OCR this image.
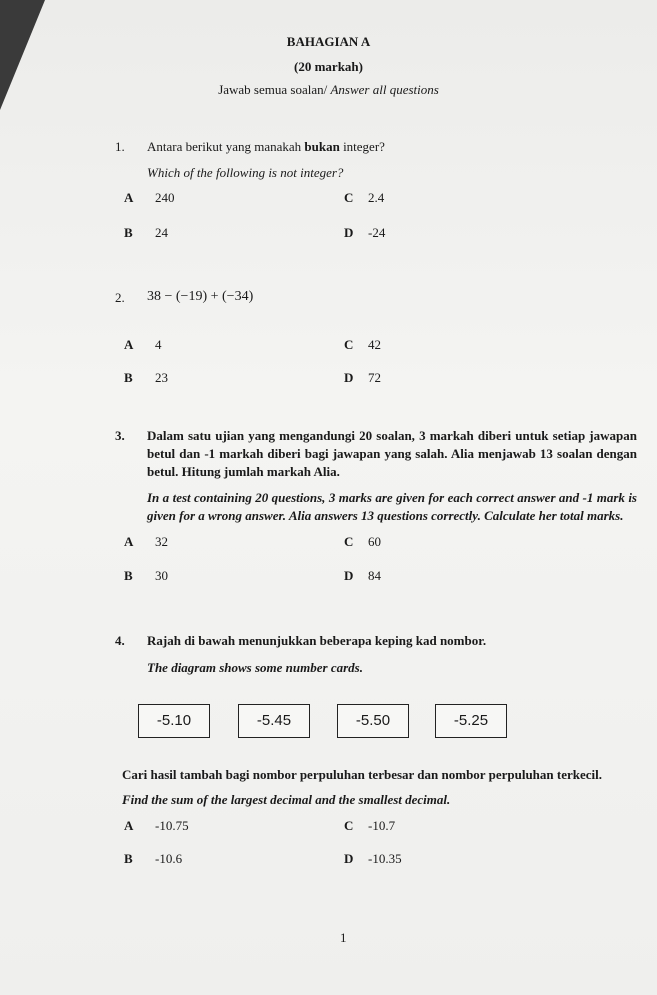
BAHAGIAN A
(20 markah)
Jawab semua soalan/ Answer all questions
1. Antara berikut yang manakah bukan integer?
Which of the following is not integer?
A 240	C 2.4
B 24	D -24
2. 38 − (−19) + (−34)
A 4	C 42
B 23	D 72
3. Dalam satu ujian yang mengandungi 20 soalan, 3 markah diberi untuk setiap jawapan betul dan -1 markah diberi bagi jawapan yang salah. Alia menjawab 13 soalan dengan betul. Hitung jumlah markah Alia.
In a test containing 20 questions, 3 marks are given for each correct answer and -1 mark is given for a wrong answer. Alia answers 13 questions correctly. Calculate her total marks.
A 32	C 60
B 30	D 84
4. Rajah di bawah menunjukkan beberapa keping kad nombor.
The diagram shows some number cards.
-5.10	-5.45	-5.50	-5.25
Cari hasil tambah bagi nombor perpuluhan terbesar dan nombor perpuluhan terkecil.
Find the sum of the largest decimal and the smallest decimal.
A -10.75	C -10.7
B -10.6	D -10.35
1
